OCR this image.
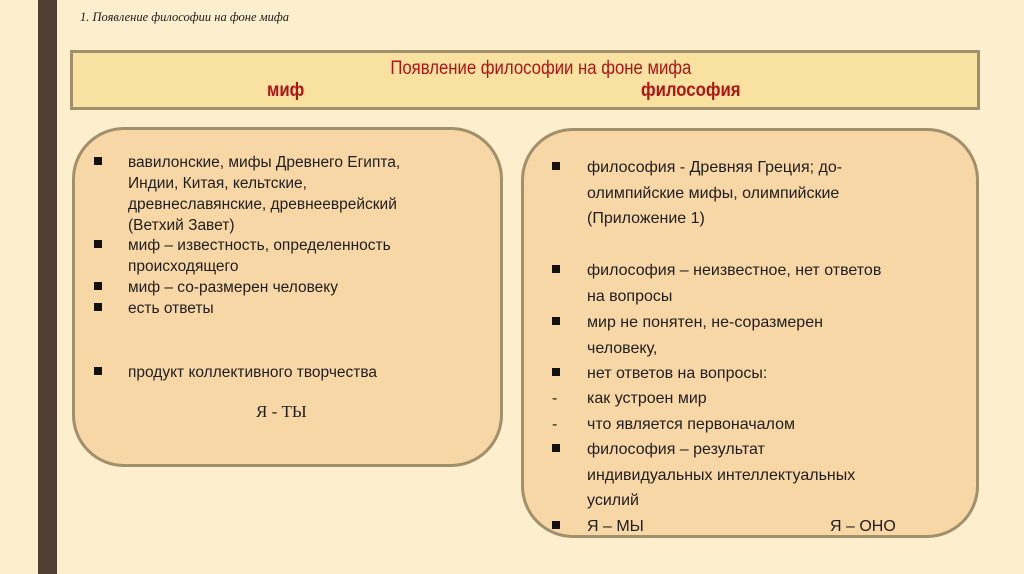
1. Появление философии на фоне мифа
Появление философии на фоне мифа
миф	философия
вавилонские, мифы Древнего Египта,
Индии, Китая, кельтские,
древнеславянские, древнееврейский
(Ветхий Завет)
миф – известность, определенность
происходящего
миф – со-размерен человеку
есть ответы
продукт коллективного творчества
Я - ТЫ
философия - Древняя Греция; до-
олимпийские мифы, олимпийские
(Приложение 1)
философия – неизвестное, нет ответов
на вопросы
мир не понятен, не-соразмерен
человеку,
нет ответов на вопросы:
-	как устроен мир
-	что является первоначалом
философия – результат
индивидуальных интеллектуальных
усилий
Я – МЫ	Я – ОНО
